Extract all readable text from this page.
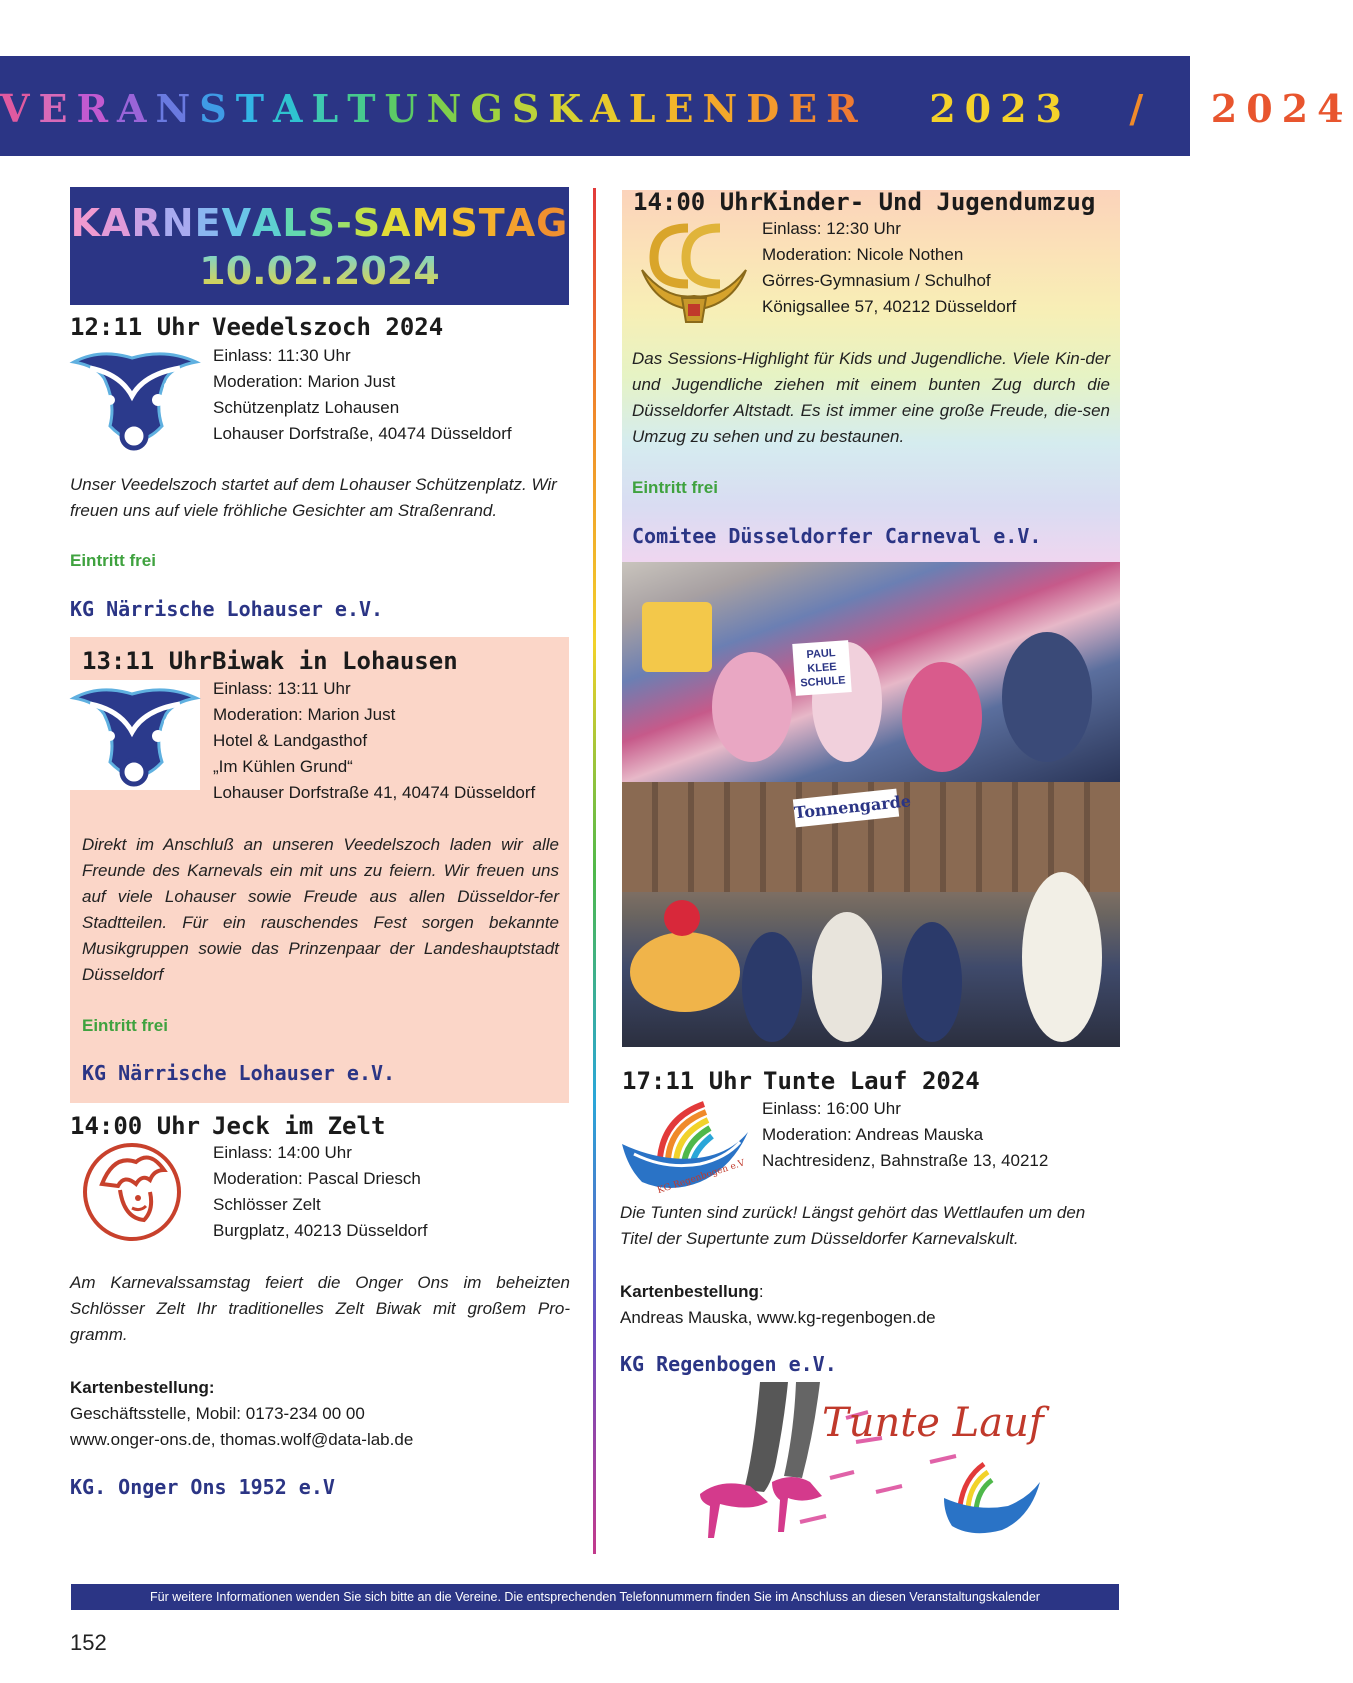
VERANSTALTUNGSKALENDER 2023 / 2024
KARNEVALS-SAMSTAG
10.02.2024
12:11 Uhr Veedelszoch 2024
Einlass: 11:30 Uhr
Moderation: Marion Just
Schützenplatz Lohausen
Lohauser Dorfstraße, 40474 Düsseldorf
Unser Veedelszoch startet auf dem Lohauser Schützenplatz. Wir freuen uns auf viele fröhliche Gesichter am Straßenrand.
Eintritt frei
KG Närrische Lohauser e.V.
13:11 UhrBiwak in Lohausen
Einlass: 13:11 Uhr
Moderation: Marion Just
Hotel & Landgasthof
„Im Kühlen Grund“
Lohauser Dorfstraße 41, 40474 Düsseldorf
Direkt im Anschluß an unseren Veedelszoch laden wir alle Freunde des Karnevals ein mit uns zu feiern. Wir freuen uns auf viele Lohauser sowie Freude aus allen Düsseldor-fer Stadtteilen. Für ein rauschendes Fest sorgen bekannte Musikgruppen sowie das Prinzenpaar der Landeshauptstadt Düsseldorf
Eintritt frei
KG Närrische Lohauser e.V.
14:00 Uhr Jeck im Zelt
Einlass: 14:00 Uhr
Moderation: Pascal Driesch
Schlösser Zelt
Burgplatz, 40213 Düsseldorf
Am Karnevalssamstag feiert die Onger Ons im beheizten Schlösser Zelt Ihr traditionelles Zelt Biwak mit großem Pro-gramm.
Kartenbestellung:
Geschäftsstelle, Mobil: 0173-234 00 00
www.onger-ons.de, thomas.wolf@data-lab.de
KG. Onger Ons 1952 e.V
14:00 UhrKinder- Und Jugendumzug
Einlass: 12:30 Uhr
Moderation: Nicole Nothen
Görres-Gymnasium / Schulhof
Königsallee 57, 40212 Düsseldorf
Das Sessions-Highlight für Kids und Jugendliche. Viele Kin-der und Jugendliche ziehen mit einem bunten Zug durch die Düsseldorfer Altstadt. Es ist immer eine große Freude, die-sen Umzug zu sehen und zu bestaunen.
Eintritt frei
Comitee Düsseldorfer Carneval e.V.
PAUL KLEE SCHULE
Tonnengarde
17:11 Uhr Tunte Lauf 2024
KG Regenbogen e.V
Einlass: 16:00 Uhr
Moderation: Andreas Mauska
Nachtresidenz, Bahnstraße 13, 40212
Die Tunten sind zurück! Längst gehört das Wettlaufen um den Titel der Supertunte zum Düsseldorfer Karnevalskult.
Kartenbestellung:
Andreas Mauska, www.kg-regenbogen.de
KG Regenbogen e.V.
Tunte Lauf
Für weitere Informationen wenden Sie sich bitte an die Vereine. Die entsprechenden Telefonnummern finden Sie im Anschluss an diesen Veranstaltungskalender
152
